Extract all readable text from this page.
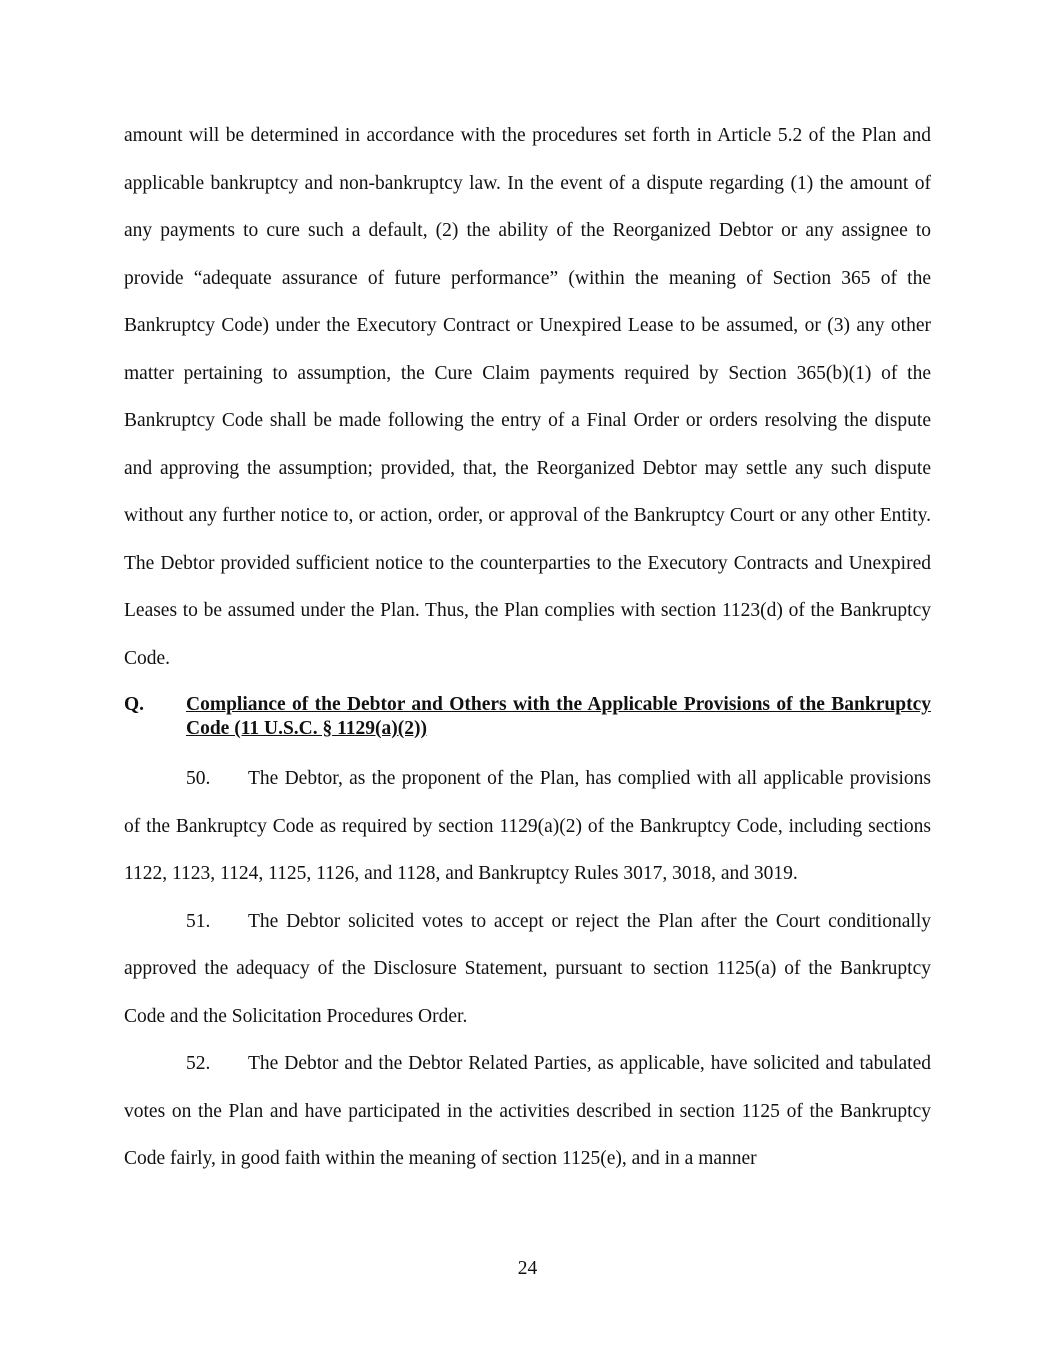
amount will be determined in accordance with the procedures set forth in Article 5.2 of the Plan and applicable bankruptcy and non-bankruptcy law. In the event of a dispute regarding (1) the amount of any payments to cure such a default, (2) the ability of the Reorganized Debtor or any assignee to provide “adequate assurance of future performance” (within the meaning of Section 365 of the Bankruptcy Code) under the Executory Contract or Unexpired Lease to be assumed, or (3) any other matter pertaining to assumption, the Cure Claim payments required by Section 365(b)(1) of the Bankruptcy Code shall be made following the entry of a Final Order or orders resolving the dispute and approving the assumption; provided, that, the Reorganized Debtor may settle any such dispute without any further notice to, or action, order, or approval of the Bankruptcy Court or any other Entity. The Debtor provided sufficient notice to the counterparties to the Executory Contracts and Unexpired Leases to be assumed under the Plan. Thus, the Plan complies with section 1123(d) of the Bankruptcy Code.

Q.	Compliance of the Debtor and Others with the Applicable Provisions of the Bankruptcy Code (11 U.S.C. § 1129(a)(2))

50. The Debtor, as the proponent of the Plan, has complied with all applicable provisions of the Bankruptcy Code as required by section 1129(a)(2) of the Bankruptcy Code, including sections 1122, 1123, 1124, 1125, 1126, and 1128, and Bankruptcy Rules 3017, 3018, and 3019.

51. The Debtor solicited votes to accept or reject the Plan after the Court conditionally approved the adequacy of the Disclosure Statement, pursuant to section 1125(a) of the Bankruptcy Code and the Solicitation Procedures Order.

52. The Debtor and the Debtor Related Parties, as applicable, have solicited and tabulated votes on the Plan and have participated in the activities described in section 1125 of the Bankruptcy Code fairly, in good faith within the meaning of section 1125(e), and in a manner

24
